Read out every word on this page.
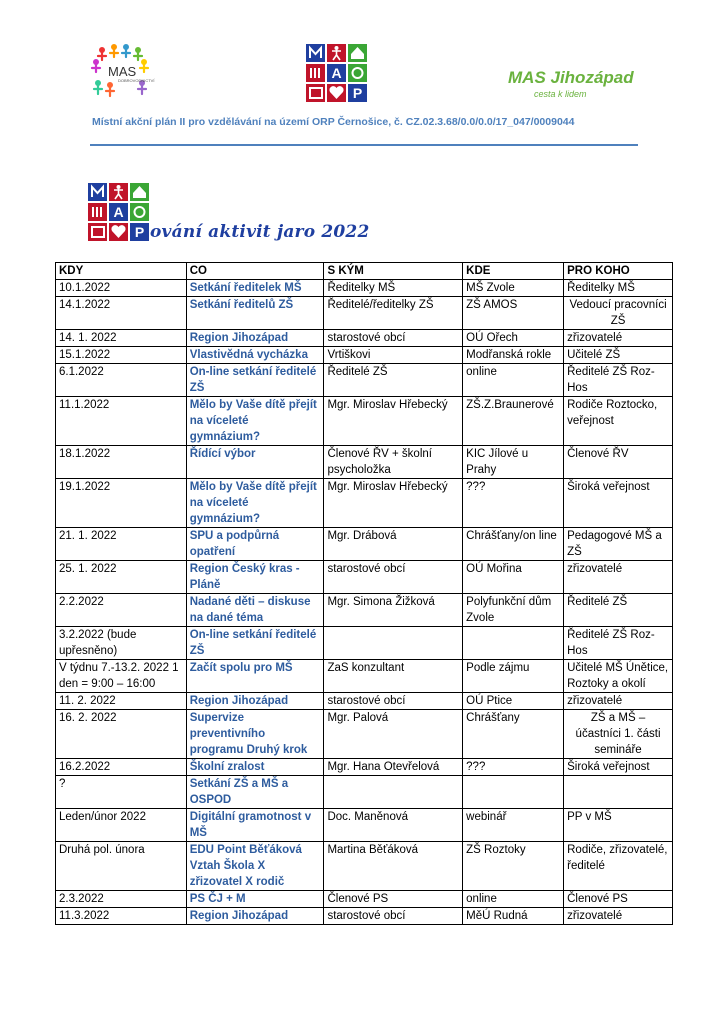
MAS
DOBROVODNICTVÍ	A
P
MAS Jihozápad
cesta k lidem
Místní akční plán II pro vzdělávání na území ORP Černošice, č. CZ.02.3.68/0.0/0.0/17_047/0009044
A
P ování aktivit jaro 2022
KDY	CO	S KÝM	KDE	PRO KOHO
10.1.2022	Setkání ředitelek MŠ	Ředitelky MŠ	MŠ Zvole	Ředitelky MŠ
14.1.2022	Setkání ředitelů ZŠ	Ředitelé/ředitelky ZŠ	ZŠ AMOS	Vedoucí pracovníci ZŠ
14. 1. 2022	Region Jihozápad	starostové obcí	OÚ Ořech	zřizovatelé
15.1.2022	Vlastivědná vycházka	Vrtiškovi	Modřanská rokle	Učitelé ZŠ
6.1.2022	On-line setkání ředitelé ZŠ	Ředitelé ZŠ	online	Ředitelé ZŠ Roz-Hos
11.1.2022	Mělo by Vaše dítě přejít na víceleté gymnázium?	Mgr. Miroslav Hřebecký	ZŠ.Z.Braunerové	Rodiče Roztocko, veřejnost
18.1.2022	Řídící výbor	Členové ŘV + školní psycholožka	KIC Jílové u Prahy	Členové ŘV
19.1.2022	Mělo by Vaše dítě přejít na víceleté gymnázium?	Mgr. Miroslav Hřebecký	???	Široká veřejnost
21. 1. 2022	SPU a podpůrná opatření	Mgr. Drábová	Chrášťany/on line	Pedagogové MŠ a ZŠ
25. 1. 2022	Region Český kras - Pláně	starostové obcí	OÚ Mořina	zřizovatelé
2.2.2022	Nadané děti – diskuse na dané téma	Mgr. Simona Žižková	Polyfunkční dům Zvole	Ředitelé ZŠ
3.2.2022 (bude upřesněno)	On-line setkání ředitelé ZŠ			Ředitelé ZŠ Roz-Hos
V týdnu 7.-13.2. 2022 1 den = 9:00 – 16:00	Začít spolu pro MŠ	ZaS konzultant	Podle zájmu	Učitelé MŠ Únětice, Roztoky a okolí
11. 2. 2022	Region Jihozápad	starostové obcí	OÚ Ptice	zřizovatelé
16. 2. 2022	Supervize preventivního programu Druhý krok	Mgr. Palová	Chrášťany	ZŠ a MŠ – účastníci 1. části semináře
16.2.2022	Školní zralost	Mgr. Hana Otevřelová	???	Široká veřejnost
?	Setkání ZŠ a MŠ a OSPOD			
Leden/únor 2022	Digitální gramotnost v MŠ	Doc. Maněnová	webinář	PP v MŠ
Druhá pol. února	EDU Point Běťáková Vztah Škola X zřizovatel X rodič	Martina Běťáková	ZŠ Roztoky	Rodiče, zřizovatelé, ředitelé
2.3.2022	PS ČJ + M	Členové PS	online	Členové PS
11.3.2022	Region Jihozápad	starostové obcí	MěÚ Rudná	zřizovatelé
